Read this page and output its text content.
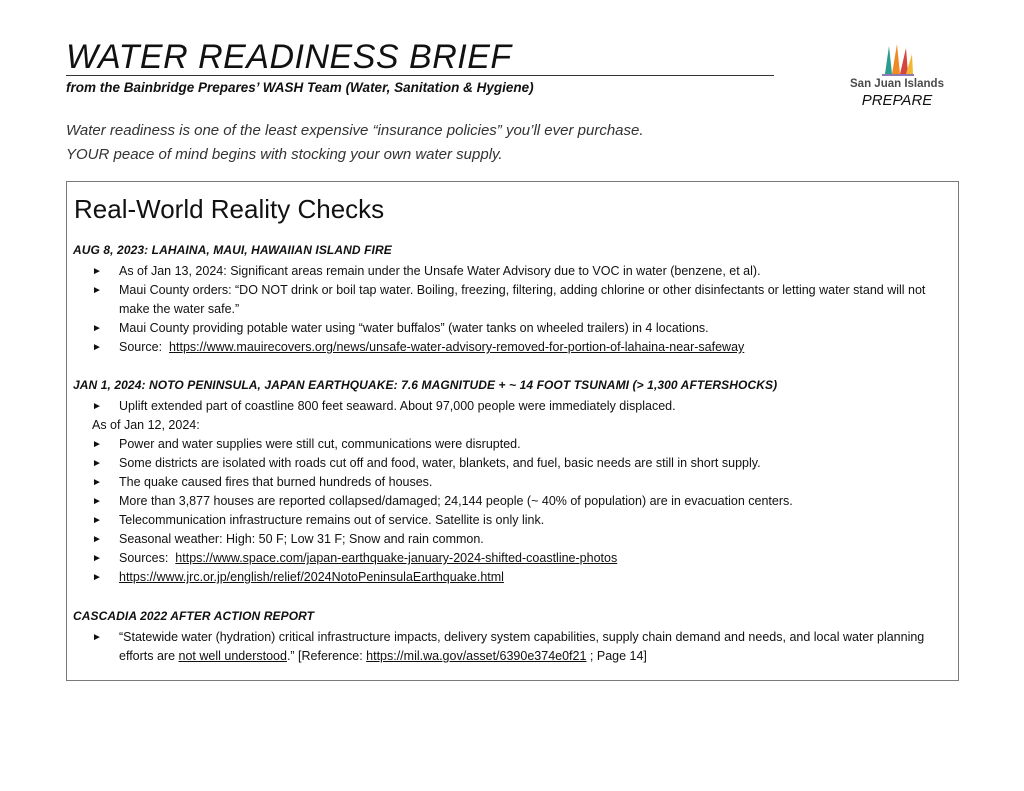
WATER READINESS BRIEF
from the Bainbridge Prepares’ WASH Team (Water, Sanitation & Hygiene)	San Juan Islands
PREPARE
Water readiness is one of the least expensive “insurance policies” you’ll ever purchase.
YOUR peace of mind begins with stocking your own water supply.
Real-World Reality Checks
AUG 8, 2023: LAHAINA, MAUI, HAWAIIAN ISLAND FIRE
► As of Jan 13, 2024: Significant areas remain under the Unsafe Water Advisory due to VOC in water (benzene, et al).
► Maui County orders: “DO NOT drink or boil tap water. Boiling, freezing, filtering, adding chlorine or other disinfectants or letting water stand will not make the water safe.”
► Maui County providing potable water using “water buffalos” (water tanks on wheeled trailers) in 4 locations.
► Source: https://www.mauirecovers.org/news/unsafe-water-advisory-removed-for-portion-of-lahaina-near-safeway
JAN 1, 2024: NOTO PENINSULA, JAPAN EARTHQUAKE: 7.6 MAGNITUDE + ~ 14 FOOT TSUNAMI (> 1,300 AFTERSHOCKS)
► Uplift extended part of coastline 800 feet seaward. About 97,000 people were immediately displaced.
As of Jan 12, 2024:
► Power and water supplies were still cut, communications were disrupted.
► Some districts are isolated with roads cut off and food, water, blankets, and fuel, basic needs are still in short supply.
► The quake caused fires that burned hundreds of houses.
► More than 3,877 houses are reported collapsed/damaged; 24,144 people (~ 40% of population) are in evacuation centers.
► Telecommunication infrastructure remains out of service. Satellite is only link.
► Seasonal weather: High: 50 F; Low 31 F; Snow and rain common.
► Sources: https://www.space.com/japan-earthquake-january-2024-shifted-coastline-photos
► https://www.jrc.or.jp/english/relief/2024NotoPeninsulaEarthquake.html
CASCADIA 2022 AFTER ACTION REPORT
► “Statewide water (hydration) critical infrastructure impacts, delivery system capabilities, supply chain demand and needs, and local water planning efforts are not well understood.” [Reference: https://mil.wa.gov/asset/6390e374e0f21 ; Page 14]
